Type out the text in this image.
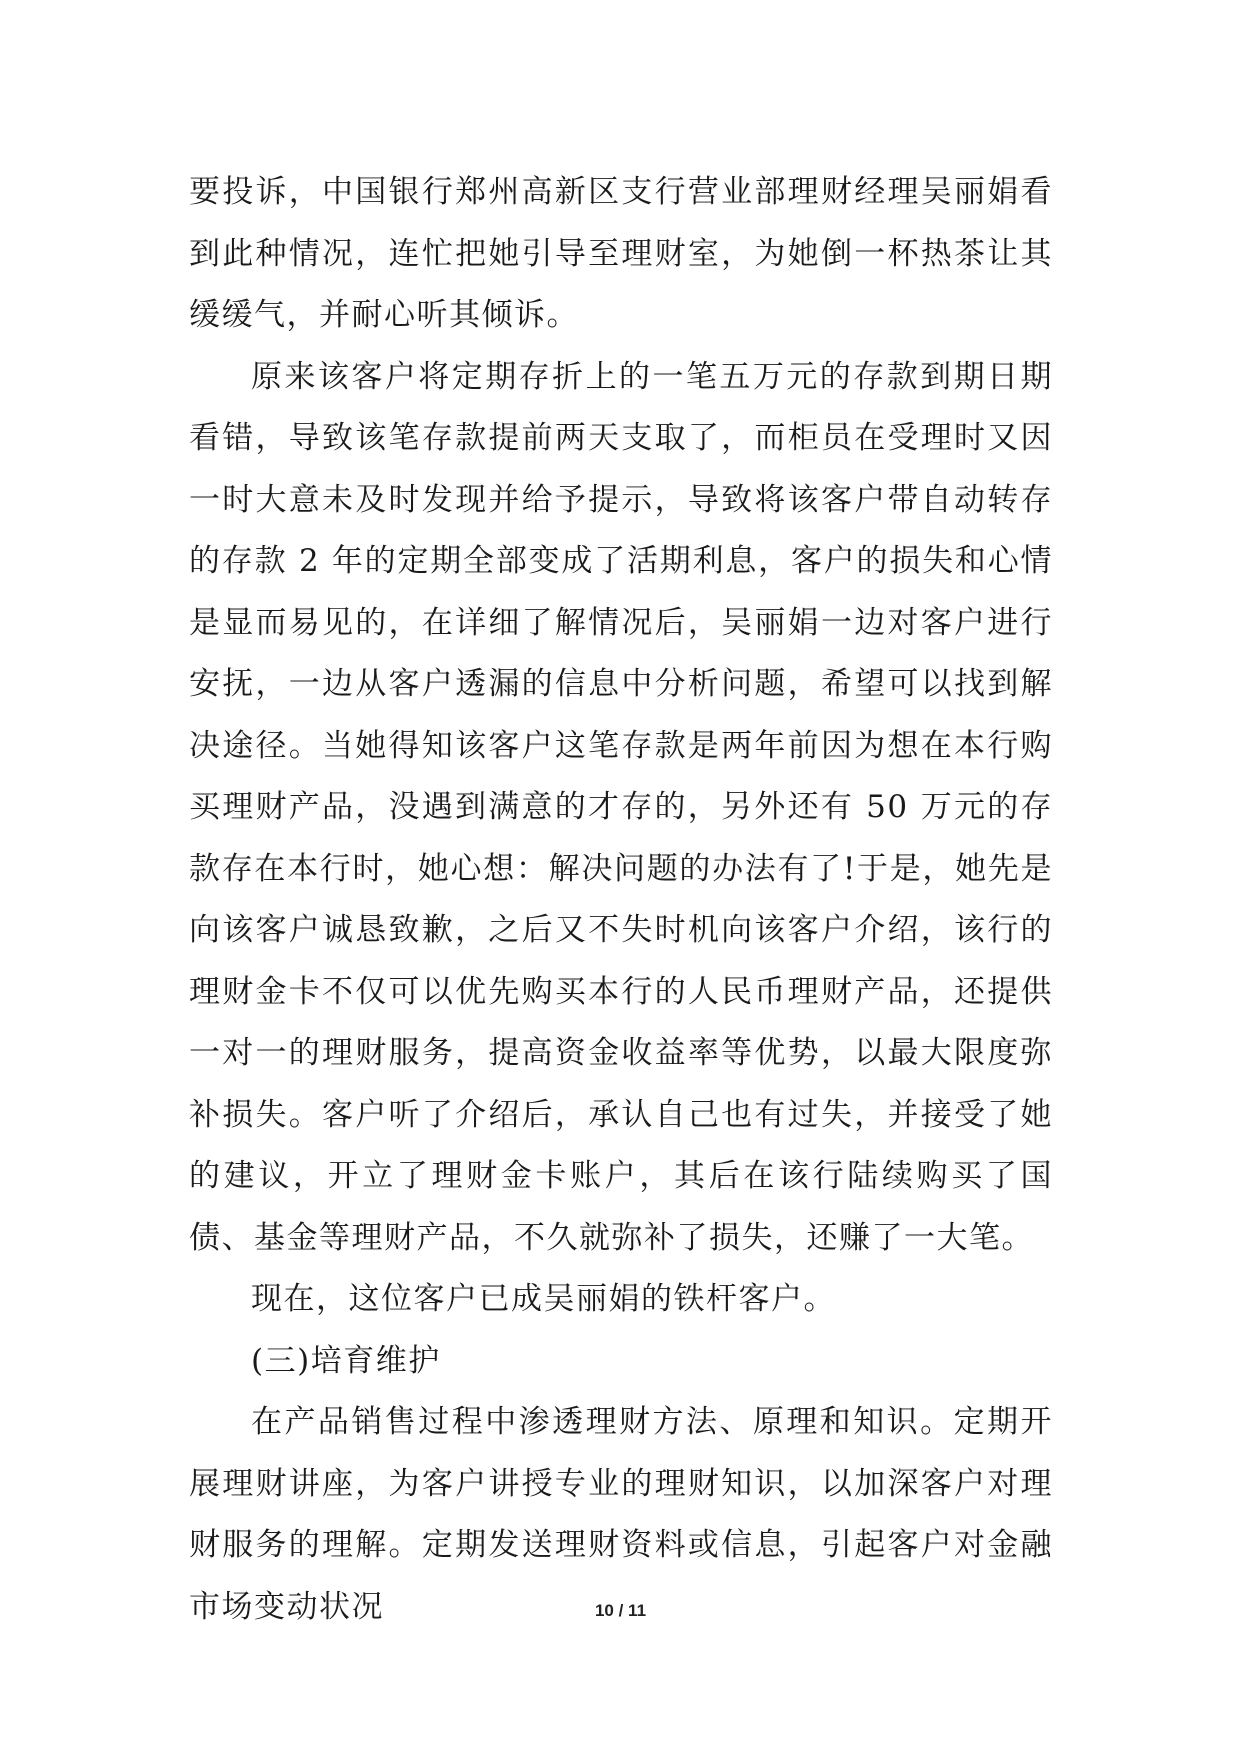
要投诉，中国银行郑州高新区支行营业部理财经理吴丽娟看到此种情况，连忙把她引导至理财室，为她倒一杯热茶让其缓缓气，并耐心听其倾诉。

原来该客户将定期存折上的一笔五万元的存款到期日期看错，导致该笔存款提前两天支取了，而柜员在受理时又因一时大意未及时发现并给予提示，导致将该客户带自动转存的存款 2 年的定期全部变成了活期利息，客户的损失和心情是显而易见的，在详细了解情况后，吴丽娟一边对客户进行安抚，一边从客户透漏的信息中分析问题，希望可以找到解决途径。当她得知该客户这笔存款是两年前因为想在本行购买理财产品，没遇到满意的才存的，另外还有 50 万元的存款存在本行时，她心想：解决问题的办法有了!于是，她先是向该客户诚恳致歉，之后又不失时机向该客户介绍，该行的理财金卡不仅可以优先购买本行的人民币理财产品，还提供一对一的理财服务，提高资金收益率等优势，以最大限度弥补损失。客户听了介绍后，承认自己也有过失，并接受了她的建议，开立了理财金卡账户，其后在该行陆续购买了国债、基金等理财产品，不久就弥补了损失，还赚了一大笔。

现在，这位客户已成吴丽娟的铁杆客户。

(三)培育维护

在产品销售过程中渗透理财方法、原理和知识。定期开展理财讲座，为客户讲授专业的理财知识，以加深客户对理财服务的理解。定期发送理财资料或信息，引起客户对金融市场变动状况	10 / 11
